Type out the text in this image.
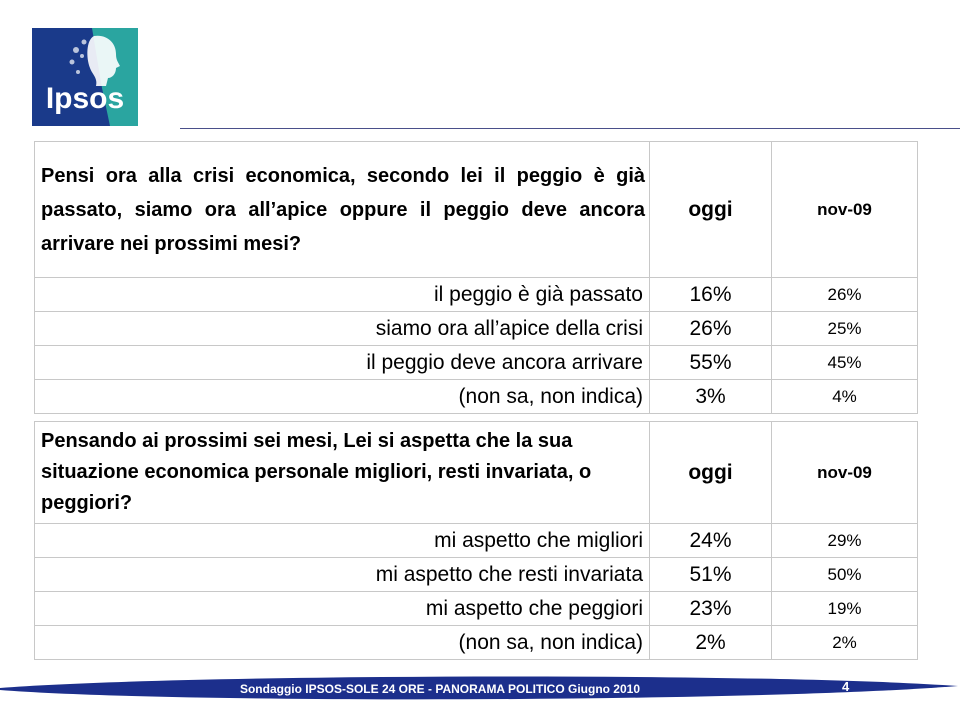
Ipsos
Pensi ora alla crisi economica, secondo lei il peggio è già passato, siamo ora all’apice oppure il peggio deve ancora arrivare nei prossimi mesi?	oggi	nov-09
il peggio è già passato	16%	26%
siamo ora all’apice della crisi	26%	25%
il peggio deve ancora arrivare	55%	45%
(non sa, non indica)	3%	4%
Pensando ai prossimi sei mesi, Lei si aspetta che la sua situazione economica personale migliori, resti invariata, o peggiori?	oggi	nov-09
mi aspetto che migliori	24%	29%
mi aspetto che resti invariata	51%	50%
mi aspetto che peggiori	23%	19%
(non sa, non indica)	2%	2%
Sondaggio IPSOS-SOLE 24 ORE - PANORAMA POLITICO Giugno 2010	4
